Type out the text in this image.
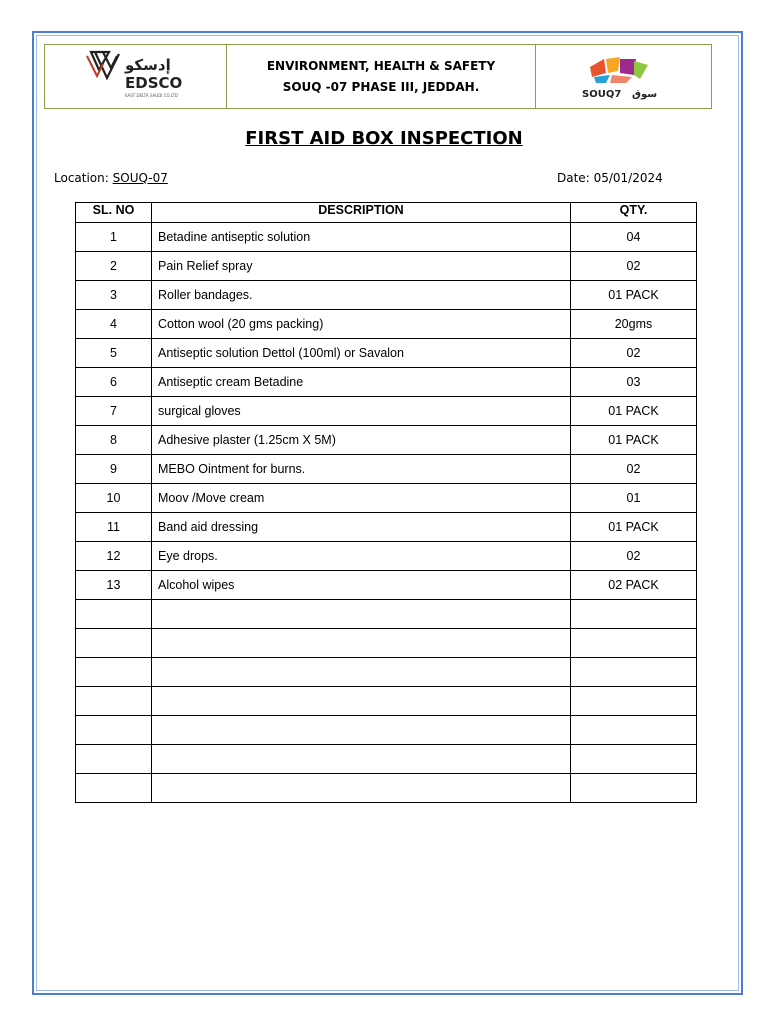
إدسكو
EDSCO
EAST DELTA SAUDI CO.LTD
ENVIRONMENT, HEALTH & SAFETY
SOUQ -07 PHASE III, JEDDAH.
SOUQ7 سوق
FIRST AID BOX INSPECTION
Location: SOUQ-07	Date: 05/01/2024
SL. NO	DESCRIPTION	QTY.
1	Betadine antiseptic solution	04
2	Pain Relief spray	02
3	Roller bandages.	01 PACK
4	Cotton wool (20 gms packing)	20gms
5	Antiseptic solution Dettol (100ml) or Savalon	02
6	Antiseptic cream Betadine	03
7	surgical gloves	01 PACK
8	Adhesive plaster (1.25cm X 5M)	01 PACK
9	MEBO Ointment for burns.	02
10	Moov /Move cream	01
11	Band aid dressing	01 PACK
12	Eye drops.	02
13	Alcohol wipes	02 PACK
